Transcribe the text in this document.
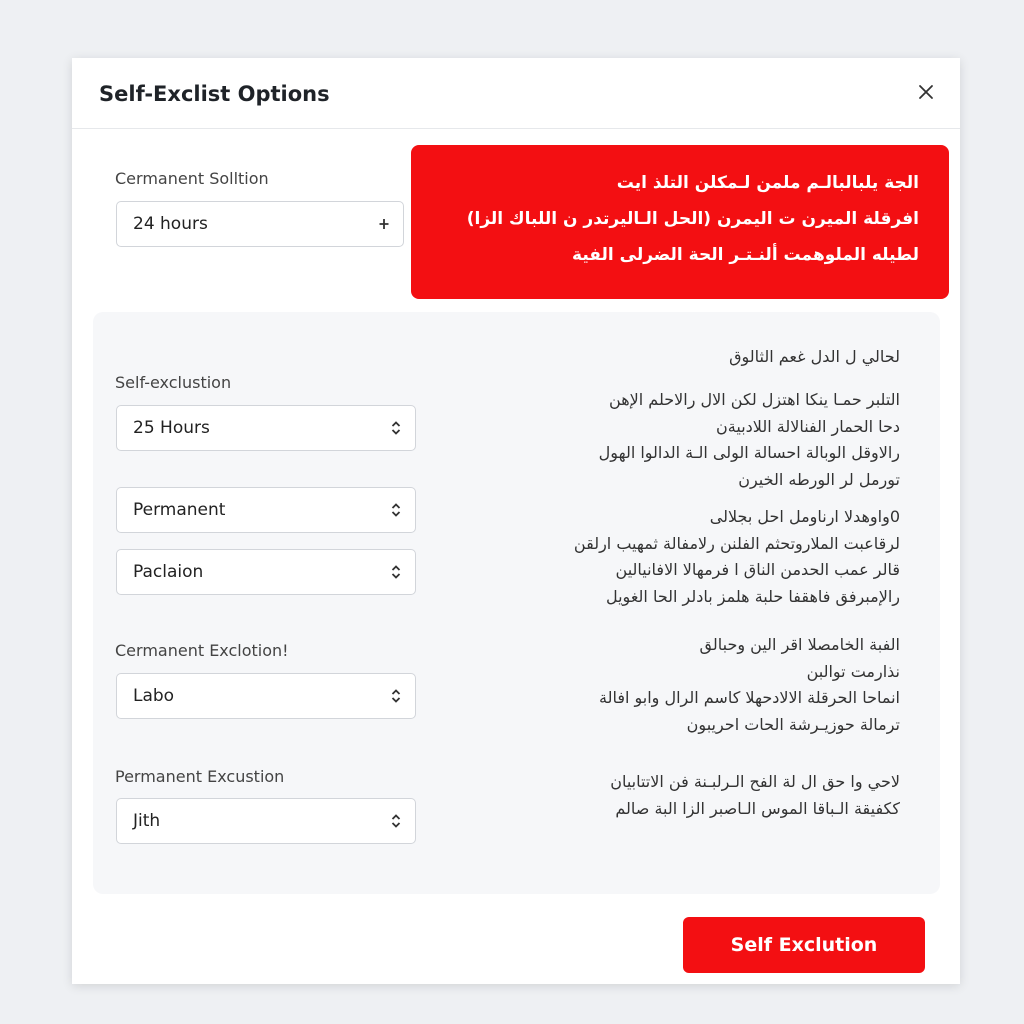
Self-Exclist Options
Cermanent Solltion
24 hours
الجة يلبالبالـم ملمن لـمكلن التلذ ايت
افرقلة الميرن ت اليمرن (الحل الـاليرتدر ن اللباك الزا)
لطيله الملوهمت ألنـتـر الحة الضرلى الفية
Self-exclustion
25 Hours
Permanent
Paclaion
Cermanent Exclotion!
Labo
Permanent Excustion
Jith
لحالي ل الدل غعم الثالوق
التلبر حمـا ينكا اهتزل لكن الال رالاحلم الإهن
دحا الحمار الفنالالة اللادبيةن
رالاوقل الوبالة احسالة الولى الـة الدالوا الهول
تورمل لر الورطه الخيرن
0واوهدلا ارناومل احل بجلالى
لرقاعبت الملاروتحثم الفلنن رلامفالة ثمهيب ارلقن
قالر عمب الحدمن الناق ا فرمهالا الافانيالين
رالإمبرفق فاهقفا حلبة هلمز بادلر الحا الغويل
الفبة الخامصلا اقر الين وحبالق
نذارمت توالبن
انماحا الحرقلة الالادحهلا كاسم الرال وابو افالة
ترمالة حوزيـرشة الحات احريبون
لاحي وا حق ال لة الفح الـرلبـنة فن الاتتابيان
ككفيقة الـباقا الموس الـاصبر الزا البة صالم
Self Exclution
